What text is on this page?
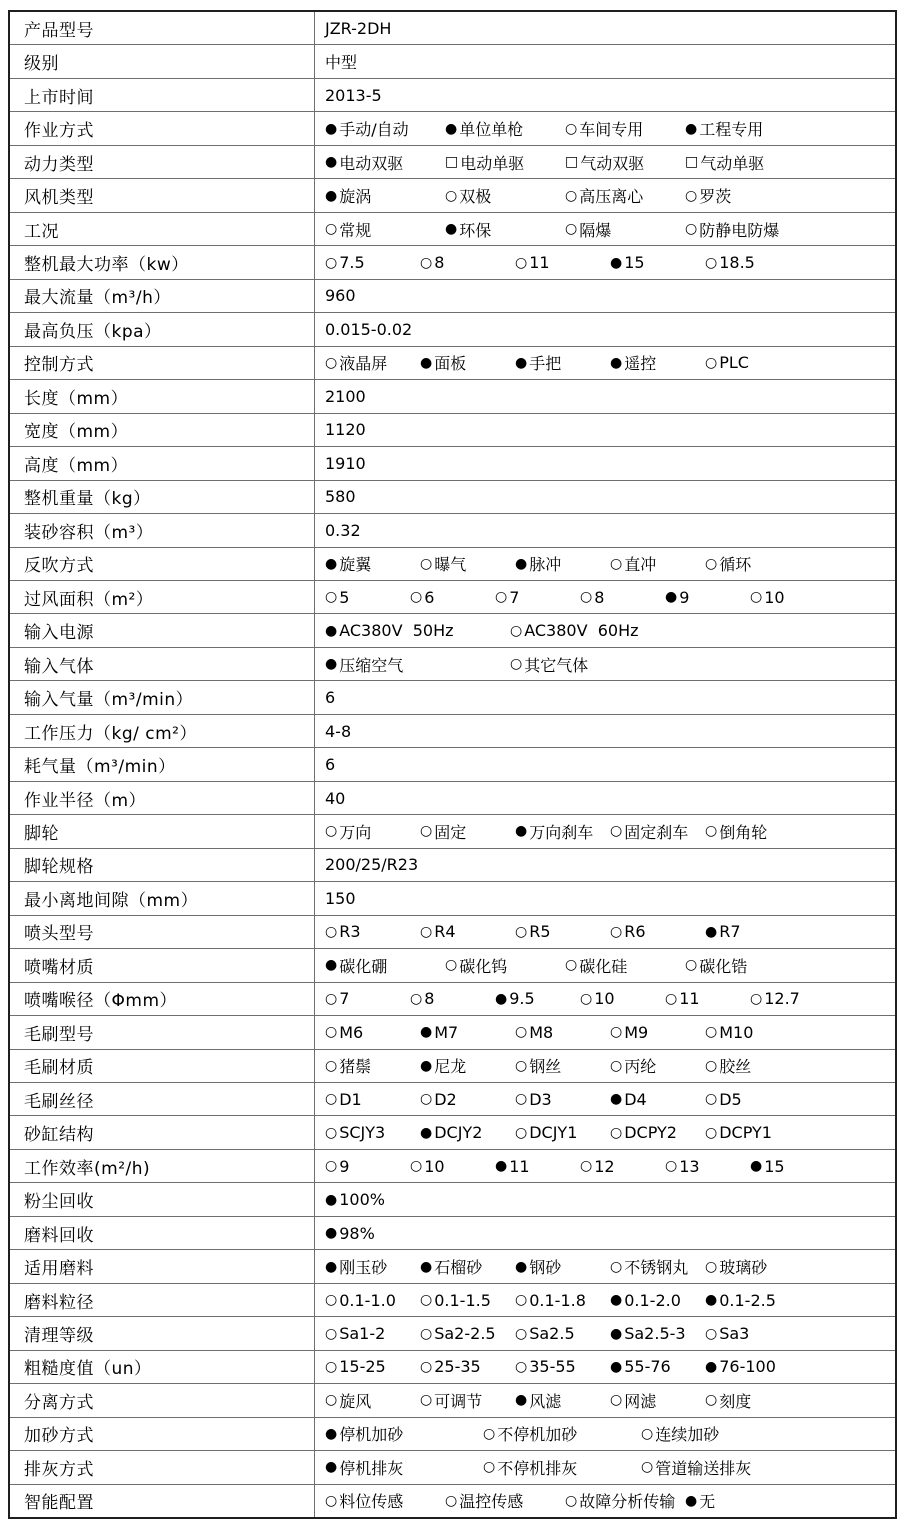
产品型号	JZR-2DH
级别	中型
上市时间	2013-5
作业方式	● 手动/自动	● 单位单枪	○ 车间专用	● 工程专用
动力类型	● 电动双驱	□ 电动单驱	□ 气动双驱	□ 气动单驱
风机类型	● 旋涡	○ 双极	○ 高压离心	○ 罗茨
工况	○ 常规	● 环保	○ 隔爆	○ 防静电防爆
整机最大功率（kw）	○ 7.5	○ 8	○ 11	● 15	○ 18.5
最大流量（m³/h）	960
最高负压（kpa）	0.015-0.02
控制方式	○ 液晶屏 ● 面板	● 手把	● 遥控	○ PLC
长度（mm）	2100
宽度（mm）	1120
高度（mm）	1910
整机重量（kg）	580
装砂容积（m³）	0.32
反吹方式	● 旋翼	○ 曝气	● 脉冲	○ 直冲	○ 循环
过风面积（m²）	○ 5	○ 6	○ 7	○ 8	● 9	○ 10
输入电源	● AC380V  50Hz	○ AC380V  60Hz
输入气体	● 压缩空气	○ 其它气体
输入气量（m³/min）	6
工作压力（kg/ cm²）	4-8
耗气量（m³/min）	6
作业半径（m）	40
脚轮	○ 万向	○ 固定	● 万向刹车 ○ 固定刹车 ○ 倒角轮
脚轮规格	200/25/R23
最小离地间隙（mm）	150
喷头型号	○ R3	○ R4	○ R5	○ R6	● R7
喷嘴材质	● 碳化硼	○ 碳化钨	○ 碳化硅	○ 碳化锆
喷嘴喉径（Φmm）	○ 7	○ 8	● 9.5	○ 10	○ 11	○ 12.7
毛刷型号	○ M6	● M7	○ M8	○ M9	○ M10
毛刷材质	○ 猪鬃	● 尼龙	○ 钢丝	○ 丙纶	○ 胶丝
毛刷丝径	○ D1	○ D2	○ D3	● D4	○ D5
砂缸结构	○ SCJY3 ● DCJY2 ○ DCJY1 ○ DCPY2 ○ DCPY1
工作效率(m²/h)	○ 9	○ 10	● 11	○ 12	○ 13	● 15
粉尘回收	● 100%
磨料回收	● 98%
适用磨料	● 刚玉砂 ● 石榴砂 ● 钢砂	○ 不锈钢丸 ○ 玻璃砂
磨料粒径	○ 0.1-1.0 ○ 0.1-1.5 ○ 0.1-1.8 ● 0.1-2.0 ● 0.1-2.5
清理等级	○ Sa1-2 ○ Sa2-2.5 ○ Sa2.5	● Sa2.5-3 ○ Sa3
粗糙度值（un）	○ 15-25 ○ 25-35 ○ 35-55 ● 55-76 ● 76-100
分离方式	○ 旋风	○ 可调节 ● 风滤	○ 网滤	○ 刻度
加砂方式	● 停机加砂	○ 不停机加砂	○ 连续加砂
排灰方式	● 停机排灰	○ 不停机排灰	○ 管道输送排灰
智能配置	○ 料位传感	○ 温控传感	○ 故障分析传输 ● 无
